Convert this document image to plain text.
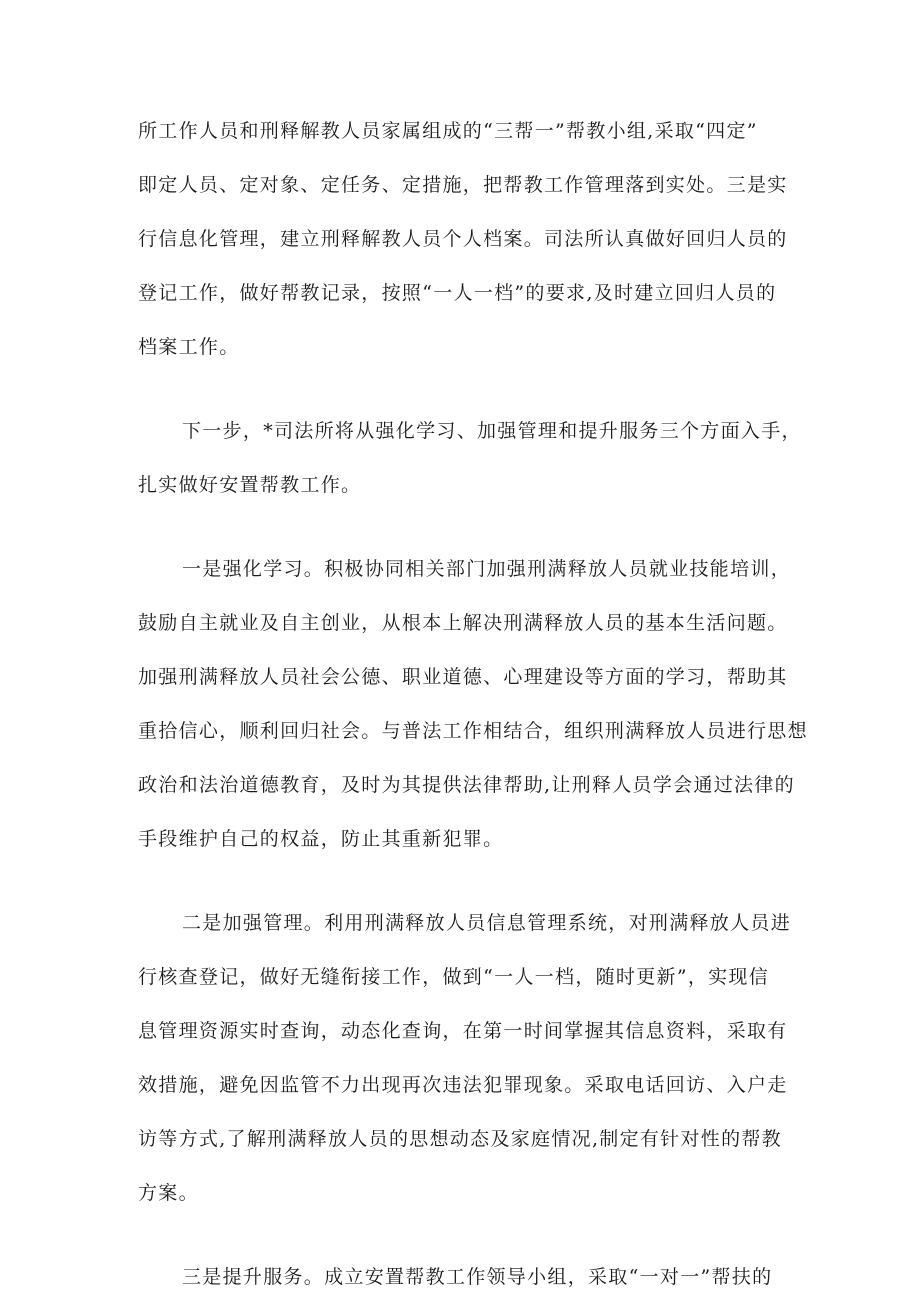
所工作人员和刑释解教人员家属组成的“三帮一”帮教小组,采取“四定”
即定人员、定对象、定任务、定措施，把帮教工作管理落到实处。三是实
行信息化管理，建立刑释解教人员个人档案。司法所认真做好回归人员的
登记工作，做好帮教记录，按照“一人一档”的要求,及时建立回归人员的
档案工作。
下一步，*司法所将从强化学习、加强管理和提升服务三个方面入手，
扎实做好安置帮教工作。
一是强化学习。积极协同相关部门加强刑满释放人员就业技能培训，
鼓励自主就业及自主创业，从根本上解决刑满释放人员的基本生活问题。
加强刑满释放人员社会公德、职业道德、心理建设等方面的学习，帮助其
重拾信心，顺利回归社会。与普法工作相结合，组织刑满释放人员进行思想
政治和法治道德教育，及时为其提供法律帮助,让刑释人员学会通过法律的
手段维护自己的权益，防止其重新犯罪。
二是加强管理。利用刑满释放人员信息管理系统，对刑满释放人员进
行核查登记，做好无缝衔接工作，做到“一人一档，随时更新”，实现信
息管理资源实时查询，动态化查询，在第一时间掌握其信息资料，采取有
效措施，避免因监管不力出现再次违法犯罪现象。采取电话回访、入户走
访等方式,了解刑满释放人员的思想动态及家庭情况,制定有针对性的帮教
方案。
三是提升服务。成立安置帮教工作领导小组，采取“一对一”帮扶的
